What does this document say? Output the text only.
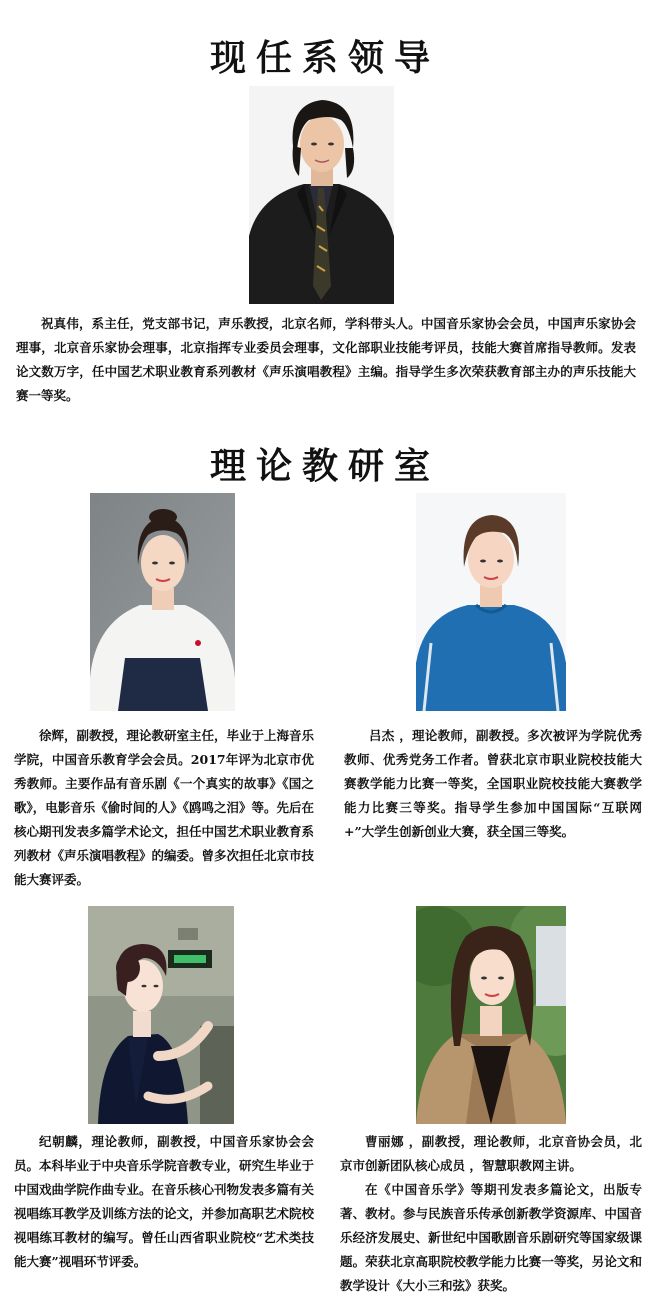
现任系领导

祝真伟，系主任，党支部书记，声乐教授，北京名师，学科带头人。中国音乐家协会会员，中国声乐家协会理事，北京音乐家协会理事，北京指挥专业委员会理事，文化部职业技能考评员，技能大赛首席指导教师。发表论文数万字，任中国艺术职业教育系列教材《声乐演唱教程》主编。指导学生多次荣获教育部主办的声乐技能大赛一等奖。

理论教研室

徐辉，副教授，理论教研室主任，毕业于上海音乐学院，中国音乐教育学会会员。2017年评为北京市优秀教师。主要作品有音乐剧《一个真实的故事》《国之歌》，电影音乐《偷时间的人》《鸥鸣之泪》等。先后在核心期刊发表多篇学术论文，担任中国艺术职业教育系列教材《声乐演唱教程》的编委。曾多次担任北京市技能大赛评委。

吕杰 ，理论教师，副教授。多次被评为学院优秀教师、优秀党务工作者。曾获北京市职业院校技能大赛教学能力比赛一等奖，全国职业院校技能大赛教学能力比赛三等奖。指导学生参加中国国际“互联网+”大学生创新创业大赛，获全国三等奖。

纪朝麟，理论教师，副教授，中国音乐家协会会员。本科毕业于中央音乐学院音教专业，研究生毕业于中国戏曲学院作曲专业。在音乐核心刊物发表多篇有关视唱练耳教学及训练方法的论文，并参加高职艺术院校视唱练耳教材的编写。曾任山西省职业院校“艺术类技能大赛”视唱环节评委。

曹丽娜 ，副教授，理论教师，北京音协会员，北京市创新团队核心成员 ，智慧职教网主讲。

在《中国音乐学》等期刊发表多篇论文，出版专著、教材。参与民族音乐传承创新教学资源库、中国音乐经济发展史、新世纪中国歌剧音乐剧研究等国家级课题。荣获北京高职院校教学能力比赛一等奖，另论文和教学设计《大小三和弦》获奖。
